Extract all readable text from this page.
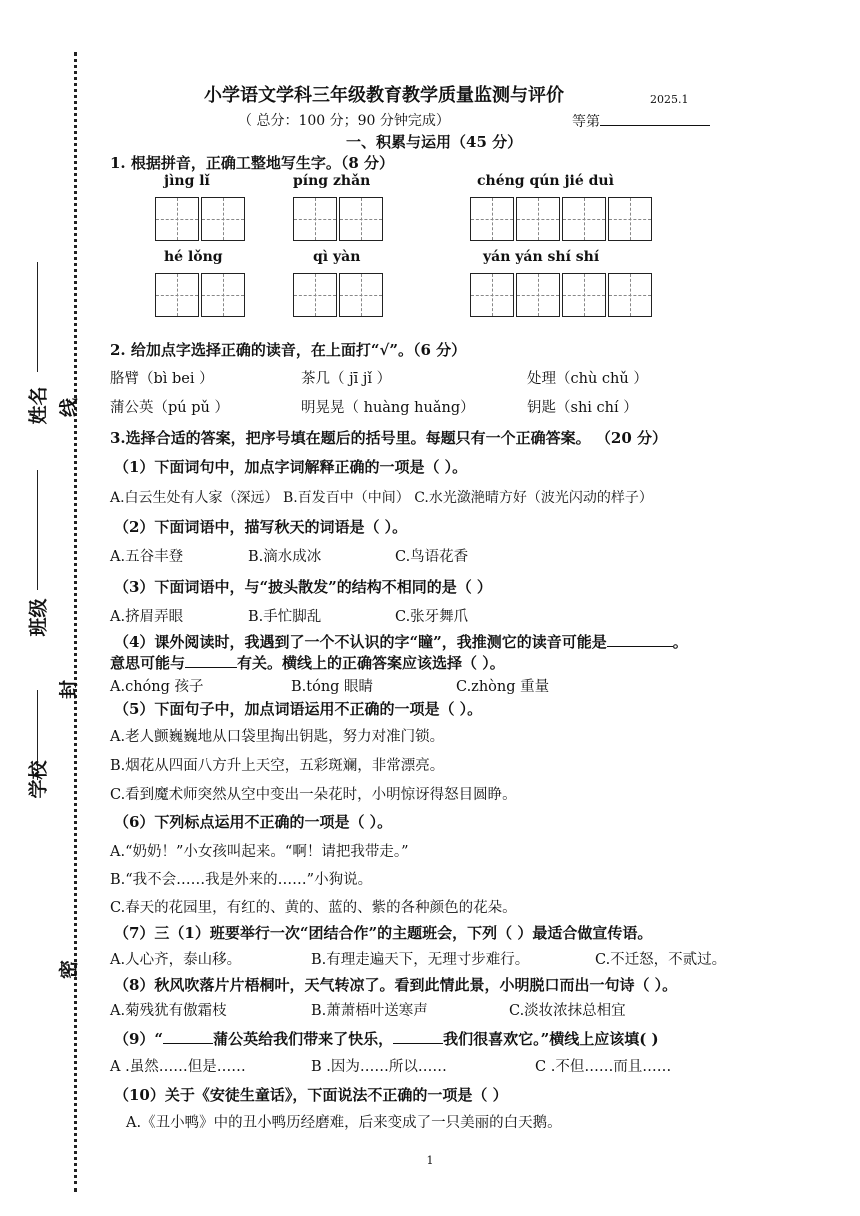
姓名 线
班级
封
学校
密
小学语文学科三年级教育教学质量监测与评价	2025.1
（ 总分：100 分；90 分钟完成）	等第
一、积累与运用（45 分）
1. 根据拼音，正确工整地写生字。（8 分）
jìng lǐ	píng zhǎn	chéng qún jié duì
hé lǒng	qì yàn	yán yán shí shí
2. 给加点字选择正确的读音，在上面打“√”。（6 分）
胳臂（bì bei ）	茶几（ jī jǐ ）	处理（chù chǔ ）
蒲公英（pú pǔ ）	明晃晃（ huàng huǎng）	钥匙（shi chí ）
3.选择合适的答案，把序号填在题后的括号里。每题只有一个正确答案。 （20 分）
（1）下面词句中，加点字词解释正确的一项是（ ）。
A.白云生处有人家（深远） B.百发百中（中间） C.水光潋滟晴方好（波光闪动的样子）
（2）下面词语中，描写秋天的词语是（ ）。
A.五谷丰登	B.滴水成冰	C.鸟语花香
（3）下面词语中，与“披头散发”的结构不相同的是（ ）
A.挤眉弄眼	B.手忙脚乱	C.张牙舞爪
（4）课外阅读时，我遇到了一个不认识的字“瞳”，我推测它的读音可能是	。
意思可能与	有关。横线上的正确答案应该选择（ ）。
A.chóng 孩子	B.tóng 眼睛	C.zhòng 重量
（5）下面句子中，加点词语运用不正确的一项是（ ）。
A.老人颤巍巍地从口袋里掏出钥匙，努力对准门锁。
B.烟花从四面八方升上天空，五彩斑斓，非常漂亮。
C.看到魔术师突然从空中变出一朵花时，小明惊讶得怒目圆睁。
（6）下列标点运用不正确的一项是（ ）。
A.“奶奶！”小女孩叫起来。“啊！请把我带走。”
B.“我不会……我是外来的……”小狗说。
C.春天的花园里，有红的、黄的、蓝的、紫的各种颜色的花朵。
（7）三（1）班要举行一次“团结合作”的主题班会，下列（ ）最适合做宣传语。
A.人心齐，泰山移。	B.有理走遍天下，无理寸步难行。	C.不迁怒，不贰过。
（8）秋风吹落片片梧桐叶，天气转凉了。看到此情此景，小明脱口而出一句诗（ ）。
A.菊残犹有傲霜枝	B.萧萧梧叶送寒声	C.淡妆浓抹总相宜
（9）“	蒲公英给我们带来了快乐，	我们很喜欢它。”横线上应该填( )
A .虽然……但是……	B .因为……所以……	C .不但……而且……
（10）关于《安徒生童话》，下面说法不正确的一项是（ ）
A.《丑小鸭》中的丑小鸭历经磨难，后来变成了一只美丽的白天鹅。
1
